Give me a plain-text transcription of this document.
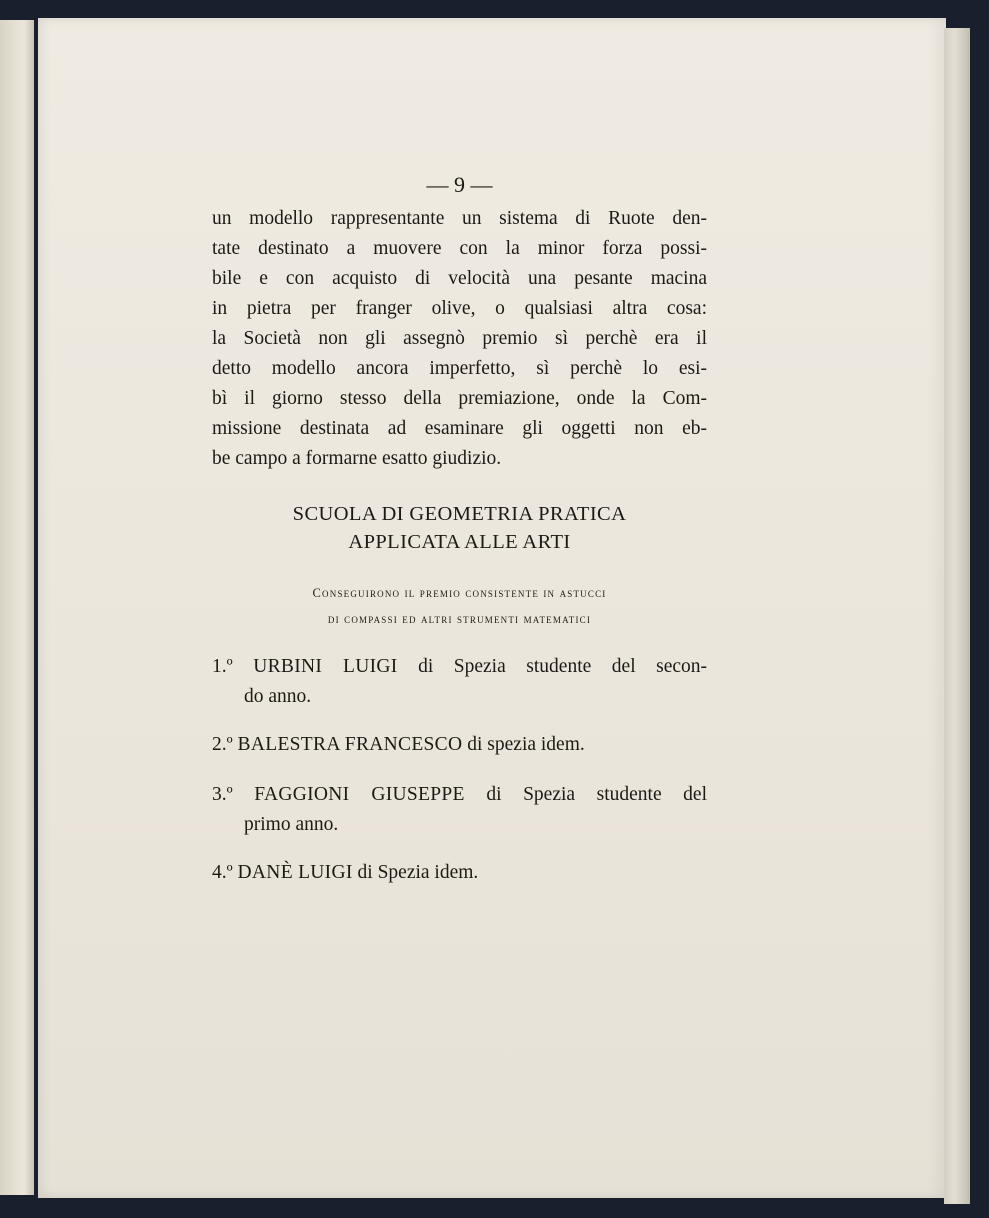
— 9 —
un modello rappresentante un sistema di Ruote den-
tate destinato a muovere con la minor forza possi-
bile e con acquisto di velocità una pesante macina
in pietra per franger olive, o qualsiasi altra cosa:
la Società non gli assegnò premio sì perchè era il
detto modello ancora imperfetto, sì perchè lo esi-
bì il giorno stesso della premiazione, onde la Com-
missione destinata ad esaminare gli oggetti non eb-
be campo a formarne esatto giudizio.
SCUOLA DI GEOMETRIA PRATICA
APPLICATA ALLE ARTI
Conseguirono il premio consistente in astucci
di compassi ed altri strumenti matematici
1.º URBINI LUIGI di Spezia studente del secon-
do anno.
2.º BALESTRA FRANCESCO di spezia idem.
3.º FAGGIONI GIUSEPPE di Spezia studente del
primo anno.
4.º DANÈ LUIGI di Spezia idem.
